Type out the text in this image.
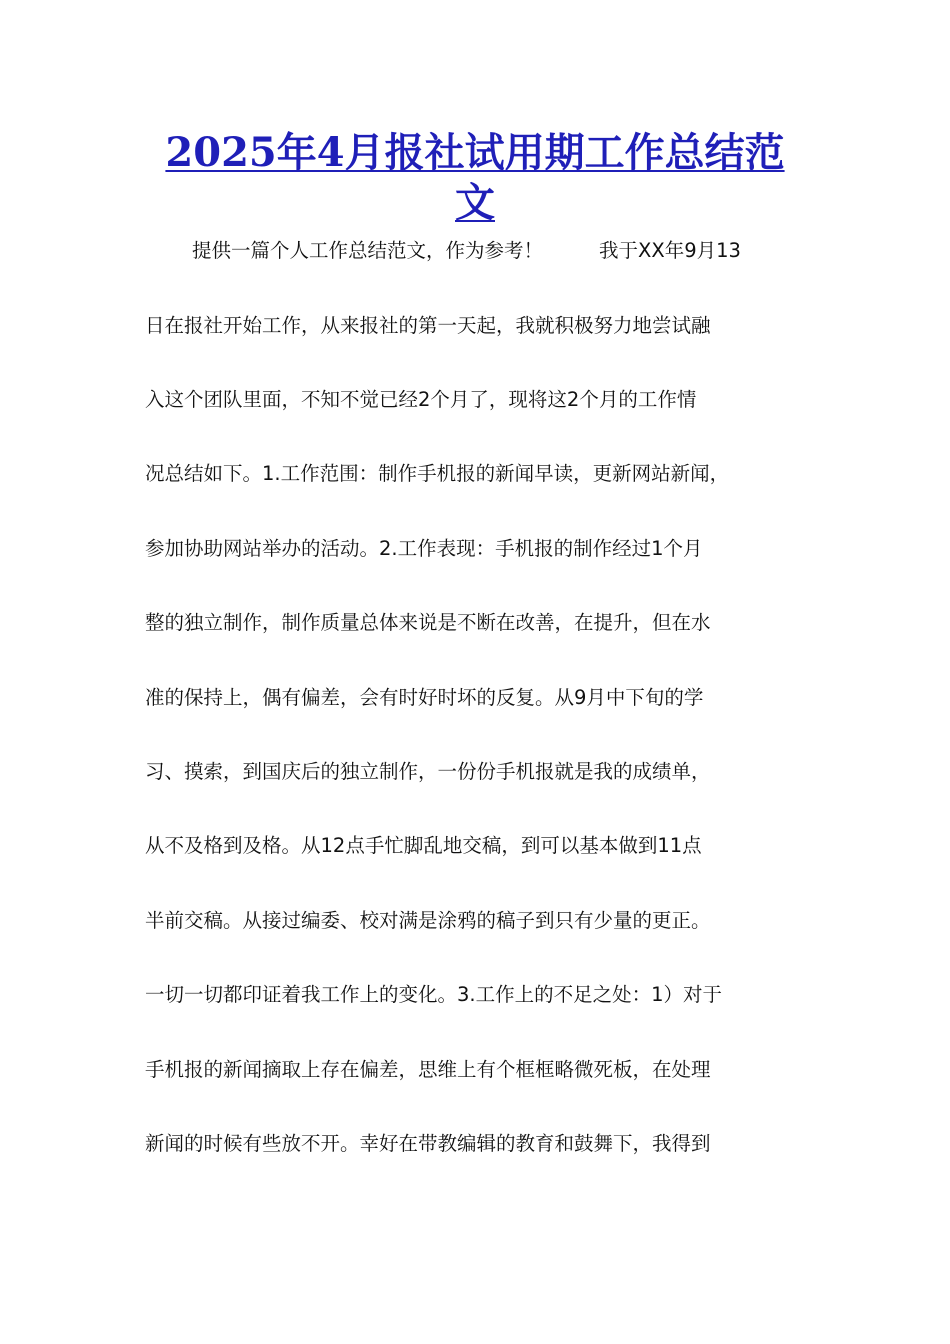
2025年4月报社试用期工作总结范
文
提供一篇个人工作总结范文，作为参考！	我于XX年9月13
日在报社开始工作，从来报社的第一天起，我就积极努力地尝试融
入这个团队里面，不知不觉已经2个月了，现将这2个月的工作情
况总结如下。1.工作范围：制作手机报的新闻早读，更新网站新闻，
参加协助网站举办的活动。2.工作表现：手机报的制作经过1个月
整的独立制作，制作质量总体来说是不断在改善，在提升，但在水
准的保持上，偶有偏差，会有时好时坏的反复。从9月中下旬的学
习、摸索，到国庆后的独立制作，一份份手机报就是我的成绩单，
从不及格到及格。从12点手忙脚乱地交稿，到可以基本做到11点
半前交稿。从接过编委、校对满是涂鸦的稿子到只有少量的更正。
一切一切都印证着我工作上的变化。3.工作上的不足之处：1）对于
手机报的新闻摘取上存在偏差，思维上有个框框略微死板，在处理
新闻的时候有些放不开。幸好在带教编辑的教育和鼓舞下，我得到
